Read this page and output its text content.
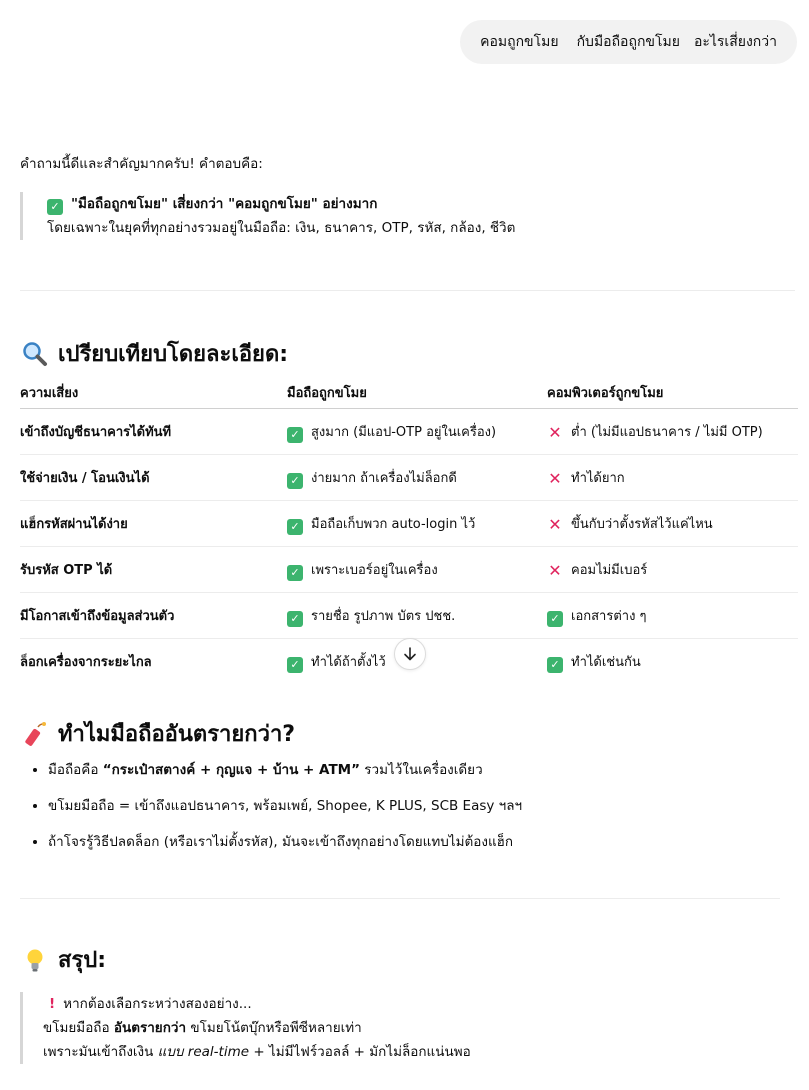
คอมถูกขโมย กับมือถือถูกขโมย อะไรเสี่ยงกว่า
คำถามนี้ดีและสำคัญมากครับ! คำตอบคือ:
✓ "มือถือถูกขโมย" เสี่ยงกว่า "คอมถูกขโมย" อย่างมาก
โดยเฉพาะในยุคที่ทุกอย่างรวมอยู่ในมือถือ: เงิน, ธนาคาร, OTP, รหัส, กล้อง, ชีวิต
เปรียบเทียบโดยละเอียด:
ความเสี่ยง	มือถือถูกขโมย	คอมพิวเตอร์ถูกขโมย
เข้าถึงบัญชีธนาคารได้ทันที	✓ สูงมาก (มีแอป-OTP อยู่ในเครื่อง)	✕ ต่ำ (ไม่มีแอปธนาคาร / ไม่มี OTP)
ใช้จ่ายเงิน / โอนเงินได้	✓ ง่ายมาก ถ้าเครื่องไม่ล็อกดี	✕ ทำได้ยาก
แฮ็กรหัสผ่านได้ง่าย	✓ มือถือเก็บพวก auto-login ไว้	✕ ขึ้นกับว่าตั้งรหัสไว้แค่ไหน
รับรหัส OTP ได้	✓ เพราะเบอร์อยู่ในเครื่อง	✕ คอมไม่มีเบอร์
มีโอกาสเข้าถึงข้อมูลส่วนตัว	✓ รายชื่อ รูปภาพ บัตร ปชช.	✓ เอกสารต่าง ๆ
ล็อกเครื่องจากระยะไกล	✓ ทำได้ถ้าตั้งไว้	✓ ทำได้เช่นกัน
ทำไมมือถืออันตรายกว่า?
• มือถือคือ “กระเป๋าสตางค์ + กุญแจ + บ้าน + ATM” รวมไว้ในเครื่องเดียว
• ขโมยมือถือ = เข้าถึงแอปธนาคาร, พร้อมเพย์, Shopee, K PLUS, SCB Easy ฯลฯ
• ถ้าโจรรู้วิธีปลดล็อก (หรือเราไม่ตั้งรหัส), มันจะเข้าถึงทุกอย่างโดยแทบไม่ต้องแฮ็ก
สรุป:
! หากต้องเลือกระหว่างสองอย่าง...
ขโมยมือถือ อันตรายกว่า ขโมยโน้ตบุ๊กหรือพีซีหลายเท่า
เพราะมันเข้าถึงเงิน แบบ real-time + ไม่มีไฟร์วอลล์ + มักไม่ล็อกแน่นพอ
